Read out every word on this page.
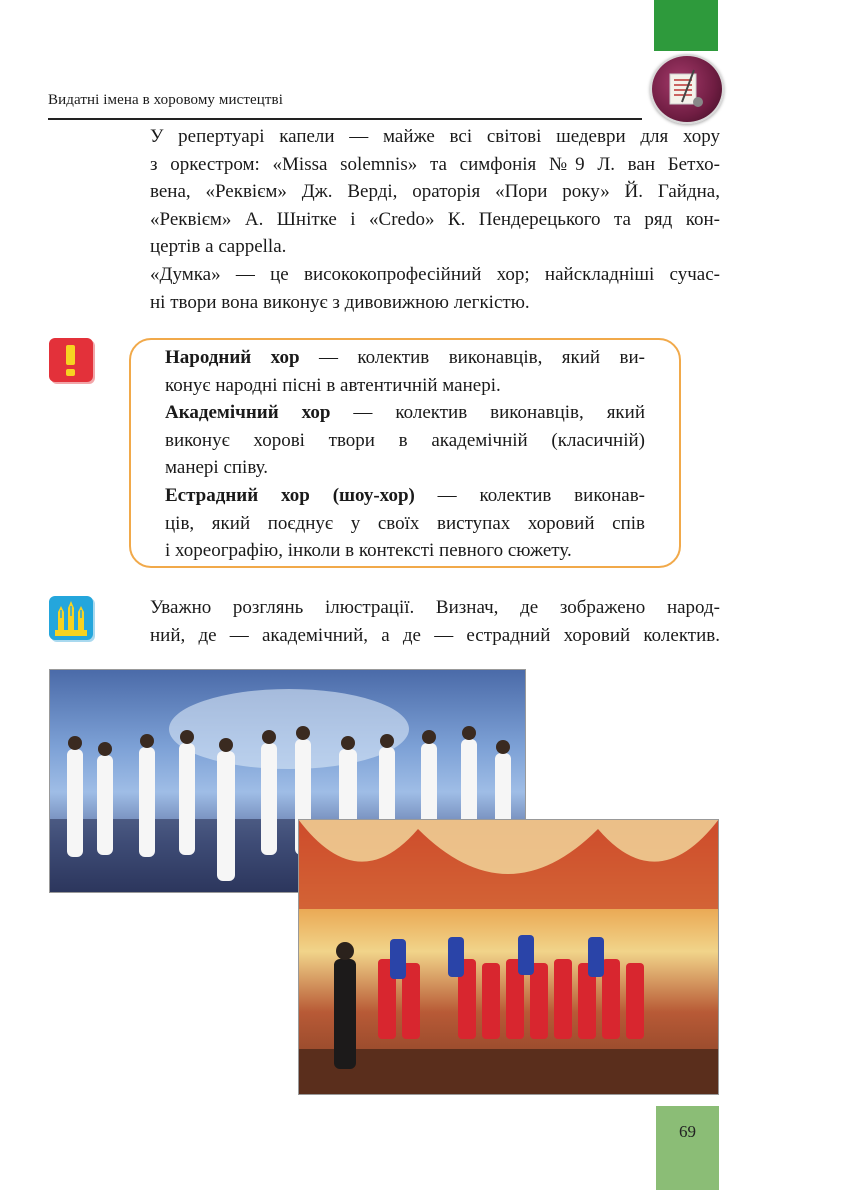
Видатні імена в хоровому мистецтві
У репертуарі капели — майже всі світові шедеври для хору
з оркестром: «Missa solemnis» та симфонія №9 Л. ван Бетхо-
вена, «Реквієм» Дж. Верді, ораторія «Пори року» Й. Гайдна,
«Реквієм» А. Шнітке і «Credo» К. Пендерецького та ряд кон-
цертів a cappella.
«Думка» — це висококопрофесійний хор; найскладніші сучас-
ні твори вона виконує з дивовижною легкістю.
Народний хор — колектив виконавців, який ви-
конує народні пісні в автентичній манері.
Академічний хор — колектив виконавців, який
виконує хорові твори в академічній (класичній)
манері співу.
Естрадний хор (шоу-хор) — колектив виконав-
ців, який поєднує у своїх виступах хоровий спів
і хореографію, інколи в контексті певного сюжету.
Уважно розглянь ілюстрації. Визнач, де зображено народ-
ний, де — академічний, а де — естрадний хоровий колектив.
69
